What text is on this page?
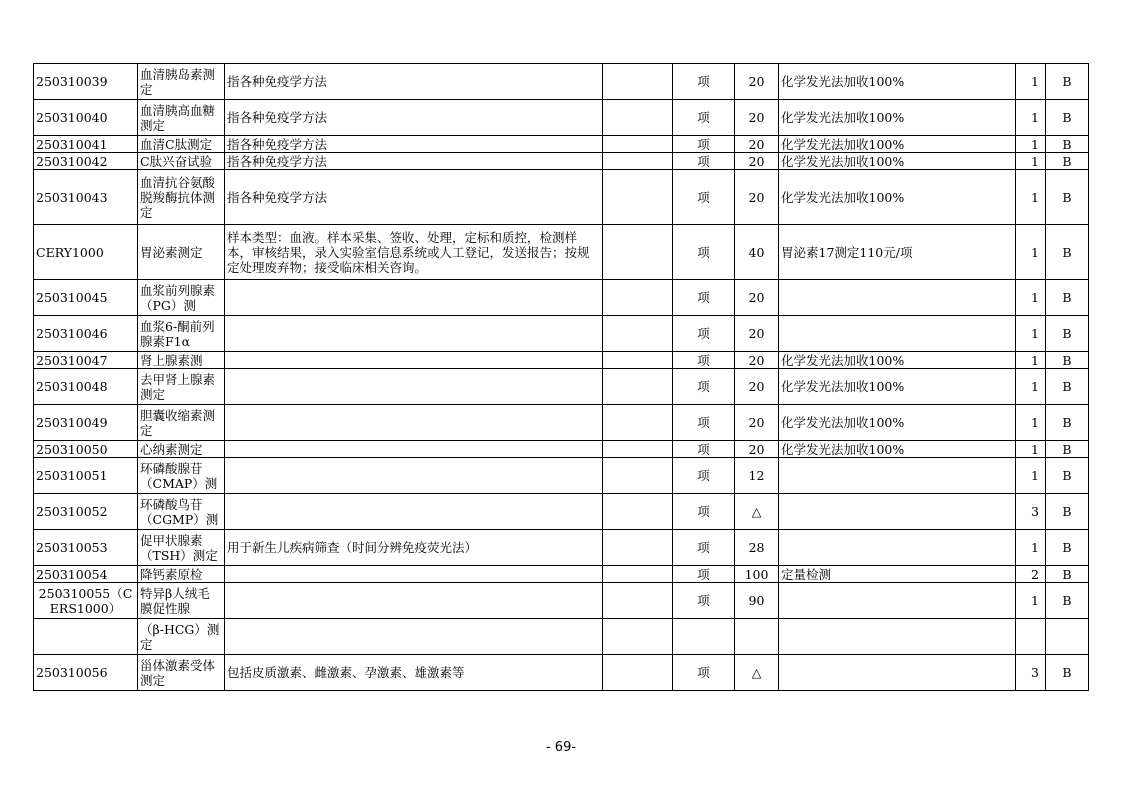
250310039	血清胰岛素测定	指各种免疫学方法		项	20	化学发光法加收100%	1	B
250310040	血清胰高血糖测定	指各种免疫学方法		项	20	化学发光法加收100%	1	B
250310041	血清C肽测定	指各种免疫学方法		项	20	化学发光法加收100%	1	B
250310042	C肽兴奋试验	指各种免疫学方法		项	20	化学发光法加收100%	1	B
250310043	血清抗谷氨酸脱羧酶抗体测定	指各种免疫学方法		项	20	化学发光法加收100%	1	B
CERY1000	胃泌素测定	样本类型：血液。样本采集、签收、处理，定标和质控，检测样本，审核结果，录入实验室信息系统或人工登记，发送报告；按规定处理废弃物；接受临床相关咨询。		项	40	胃泌素17测定110元/项	1	B
250310045	血浆前列腺素（PG）测			项	20		1	B
250310046	血浆6-酮前列腺素F1α			项	20		1	B
250310047	肾上腺素测			项	20	化学发光法加收100%	1	B
250310048	去甲肾上腺素测定			项	20	化学发光法加收100%	1	B
250310049	胆囊收缩素测定			项	20	化学发光法加收100%	1	B
250310050	心纳素测定			项	20	化学发光法加收100%	1	B
250310051	环磷酸腺苷（CMAP）测			项	12		1	B
250310052	环磷酸鸟苷（CGMP）测			项	△		3	B
250310053	促甲状腺素（TSH）测定	用于新生儿疾病筛查（时间分辨免疫荧光法）		项	28		1	B
250310054	降钙素原检			项	100	定量检测	2	B
250310055（CERS1000）	特异β人绒毛膜促性腺			项	90		1	B
	（β-HCG）测定							
250310056	甾体激素受体测定	包括皮质激素、雌激素、孕激素、雄激素等		项	△		3	B
- 69-
